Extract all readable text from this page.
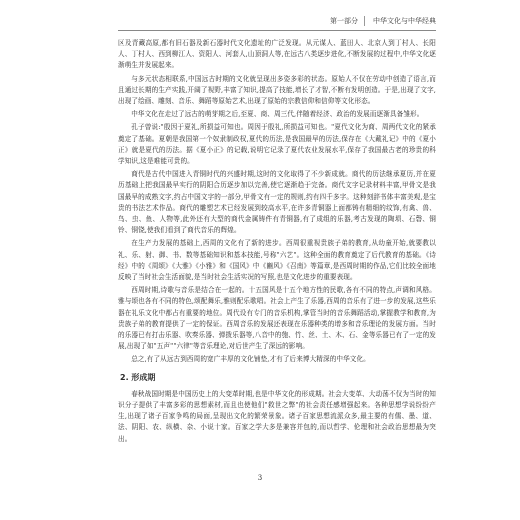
第一部分 中华文化与中华经典

区及青藏高原,都有旧石器及新石器时代文化遗址的广泛发现。从元谋人、蓝田人、北京人到丁村人、长阳人、丁村人、西到柳江人、资阳人、河套人,山顶洞人等,在远古八类逐步进化,不断发展的过程中,中华文化逐渐萌生并发展起来。

与多元状态相联系,中国远古时期的文化就呈现出多姿多彩的状态。原始人不仅在劳动中创造了语言,而且通过长期的生产实践,开阔了视野,丰富了知识,提高了技能,增长了才智,不断有发明创造。于是,出现了文字,出现了绘画、雕刻、音乐、舞蹈等原始艺术,出现了原始的宗教信仰和信仰等文化形态。

中华文化在走过了远古的萌芽期之后,至夏、商、周三代,伴随着经济、政治的发展而逐渐具备雏形。

孔子曾说:"殷因于夏礼,所损益可知也。周因于殷礼,所损益可知也。"夏代文化为商、周两代文化的紧承奠定了基础。夏朝是我国第一个奴隶制政权,夏代的历法,是我国最早的历法,保存在《大戴礼记》中的《夏小正》就是夏代的历法。据《夏小正》的记载,说明它记录了夏代农业发展水平,保存了我国最古老的珍贵的科学知识,这是难能可贵的。

商代是古代中国进入青铜时代的兴盛时期,这时的文化取得了不少新成就。商代的历法继承夏历,并在夏历基础上把我国最早实行的阴阳合历逐步加以完善,使它逐渐趋于完备。商代文字记录材料丰富,甲骨文是我国最早的成熟文字,约占中国文字的一部分,甲骨文有一定的规则,约有四千多字。这种刻辞书体丰富美观,是宝贵的书法艺术作品。商代的雕塑艺术已经发展到较高水平,在许多青铜器上面都铸有精细的纹饰,有禽、兽、鸟、虫、鱼、人物等,此外还有大型的商代金属铸件有青铜器,有了成组的乐器,考古发现的陶埙、石磬、铜铃、铜铙,使我们看到了商代音乐的辉煌。

在生产力发展的基础上,西周的文化有了新的进步。西周很重视贵族子弟的教育,从幼童开始,就要教以礼、乐、射、御、书、数等基础知识和基本技能,号称"六艺"。这种全面的教育奠定了后代教育的基础。《诗经》中的《周颂》《大雅》《小雅》和《国风》中《豳风》《召南》等篇章,是西周时期的作品,它们比较全面地反映了当时社会生活面貌,是当时社会生活实况的写照,也是文化进步的重要表现。

西周时期,诗歌与音乐是结合在一起的。十五国风是十五个地方性的民歌,各有不同的特点,声调和风格。雅与颂也各有不同的特色,颂配舞乐,雅则配乐歌唱。社会上产生了乐器,西周的音乐有了进一步的发展,这些乐器在礼乐文化中都占有重要的地位。周代设有专门的音乐机构,掌管当时的音乐舞蹈活动,掌握教学和教育,为贵族子弟的教育提供了一定的保证。西周音乐的发展还表现在乐器种类的增多和音乐理论的发展方面。当时的乐器已有打击乐器、吹奏乐器、弹拨乐器等,八音中的匏、竹、丝、土、木、石、金等乐器已有了一定的发展,出现了如"五声""六律"等音乐理论,对后世产生了深远的影响。

总之,有了从远古到西周的宽广丰厚的文化铺垫,才有了后来博大精深的中华文化。

2. 形成期

春秋战国时期是中国历史上的大变革时期,也是中华文化的形成期。社会大变革、大动荡不仅为当时的知识分子提供了丰富多彩的思想素材,而且也使他们"救世之弊"的社会责任感增强起来。各种思想学说纷纷产生,出现了诸子百家争鸣的局面,呈现出文化的繁荣景象。诸子百家思想流派众多,最主要的有儒、墨、道、法、阴阳、农、纵横、杂、小说十家。百家之学大多是兼容并包的,而以哲学、伦理和社会政治思想最为突出。

3
